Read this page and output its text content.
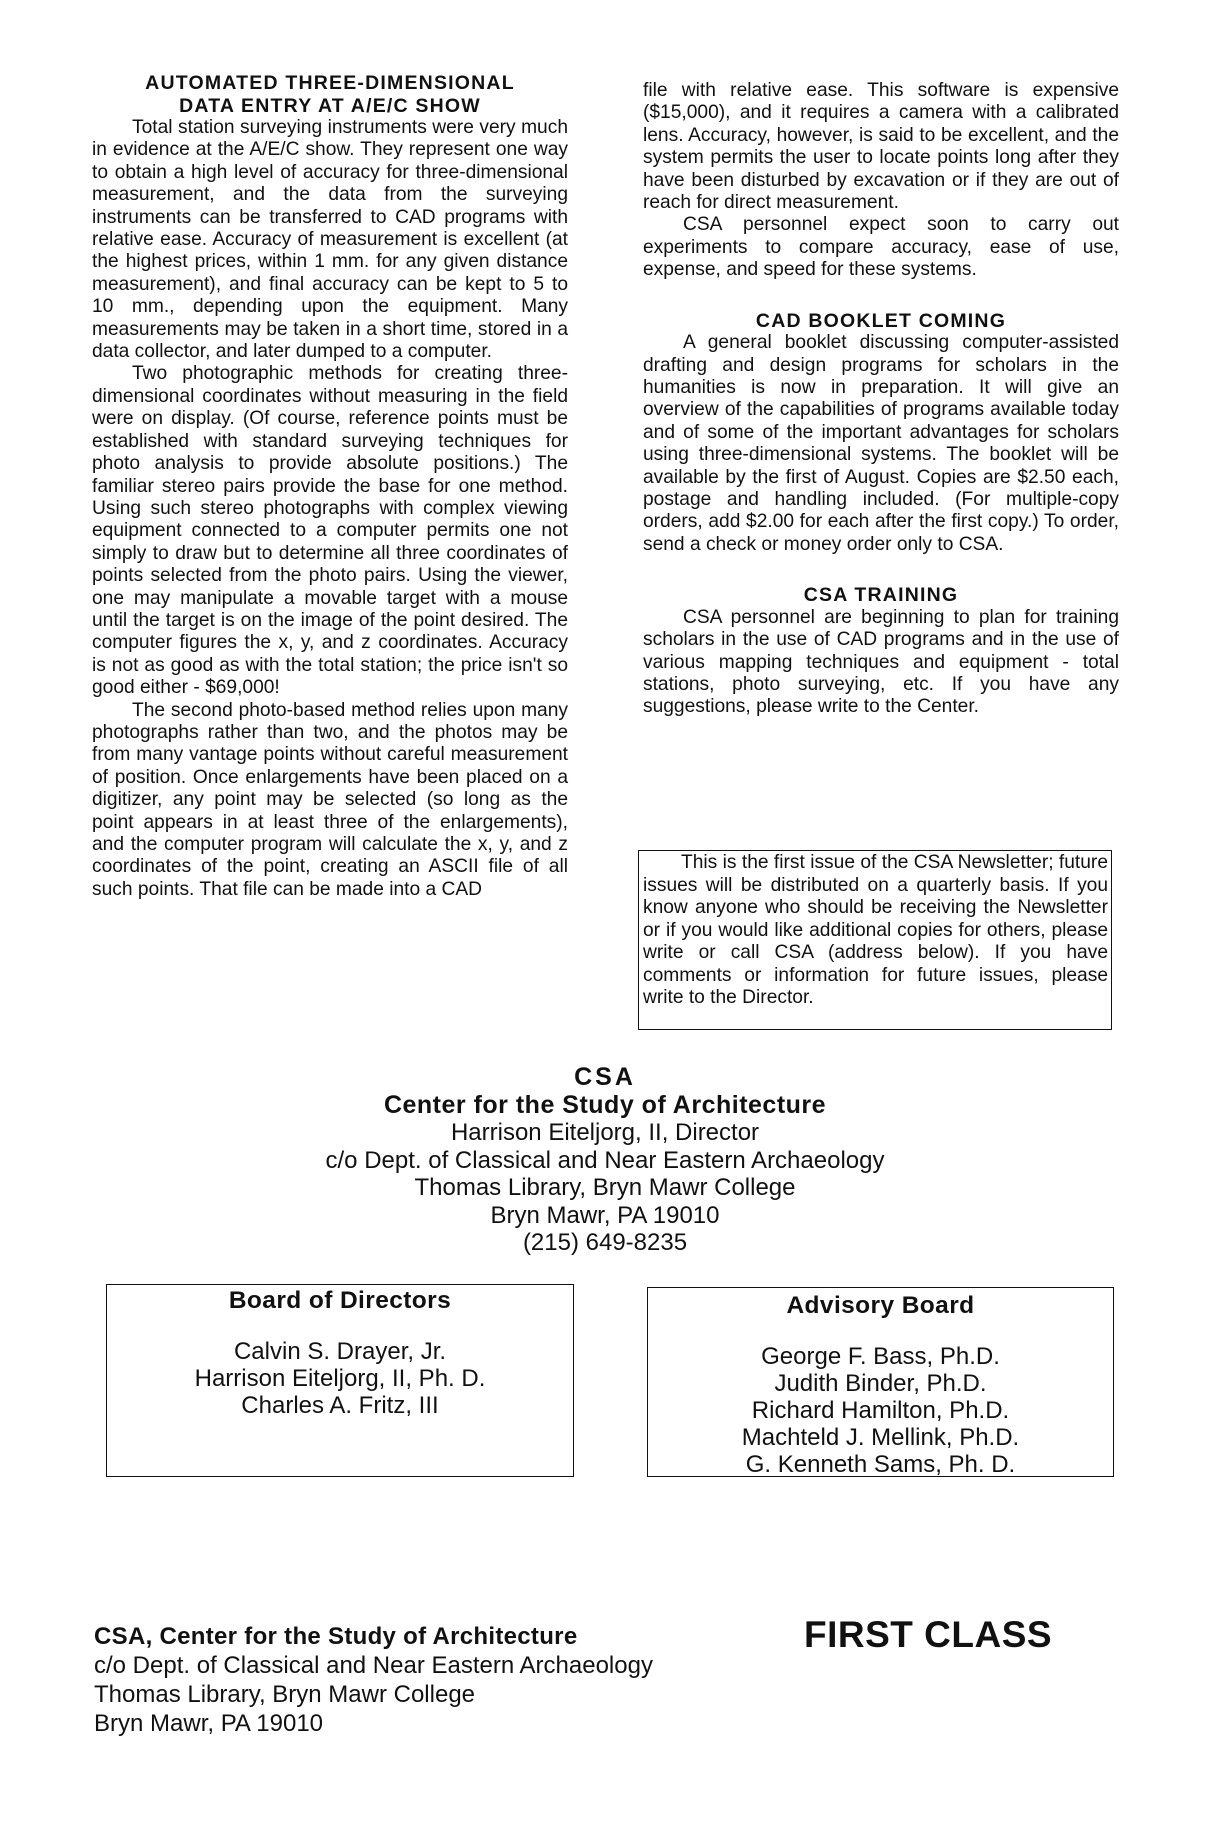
AUTOMATED THREE-DIMENSIONAL
DATA ENTRY AT A/E/C SHOW

Total station surveying instruments were very much in evidence at the A/E/C show. They represent one way to obtain a high level of accuracy for three-dimensional measurement, and the data from the surveying instruments can be transferred to CAD programs with relative ease. Accuracy of measurement is excellent (at the highest prices, within 1 mm. for any given distance measurement), and final accuracy can be kept to 5 to 10 mm., depending upon the equipment. Many measurements may be taken in a short time, stored in a data collector, and later dumped to a computer.

Two photographic methods for creating three-dimensional coordinates without measuring in the field were on display. (Of course, reference points must be established with standard surveying techniques for photo analysis to provide absolute positions.) The familiar stereo pairs provide the base for one method. Using such stereo photographs with complex viewing equipment connected to a computer permits one not simply to draw but to determine all three coordinates of points selected from the photo pairs. Using the viewer, one may manipulate a movable target with a mouse until the target is on the image of the point desired. The computer figures the x, y, and z coordinates. Accuracy is not as good as with the total station; the price isn't so good either - $69,000!

The second photo-based method relies upon many photographs rather than two, and the photos may be from many vantage points without careful measurement of position. Once enlargements have been placed on a digitizer, any point may be selected (so long as the point appears in at least three of the enlargements), and the computer program will calculate the x, y, and z coordinates of the point, creating an ASCII file of all such points. That file can be made into a CAD

file with relative ease. This software is expensive ($15,000), and it requires a camera with a calibrated lens. Accuracy, however, is said to be excellent, and the system permits the user to locate points long after they have been disturbed by excavation or if they are out of reach for direct measurement.

CSA personnel expect soon to carry out experiments to compare accuracy, ease of use, expense, and speed for these systems.

CAD BOOKLET COMING

A general booklet discussing computer-assisted drafting and design programs for scholars in the humanities is now in preparation. It will give an overview of the capabilities of programs available today and of some of the important advantages for scholars using three-dimensional systems. The booklet will be available by the first of August. Copies are $2.50 each, postage and handling included. (For multiple-copy orders, add $2.00 for each after the first copy.) To order, send a check or money order only to CSA.

CSA TRAINING

CSA personnel are beginning to plan for training scholars in the use of CAD programs and in the use of various mapping techniques and equipment - total stations, photo surveying, etc. If you have any suggestions, please write to the Center.

This is the first issue of the CSA Newsletter; future issues will be distributed on a quarterly basis. If you know anyone who should be receiving the Newsletter or if you would like additional copies for others, please write or call CSA (address below). If you have comments or information for future issues, please write to the Director.

CSA
Center for the Study of Architecture
Harrison Eiteljorg, II, Director
c/o Dept. of Classical and Near Eastern Archaeology
Thomas Library, Bryn Mawr College
Bryn Mawr, PA 19010
(215) 649-8235
Board of Directors
Calvin S. Drayer, Jr.
Harrison Eiteljorg, II, Ph. D.
Charles A. Fritz, III
Advisory Board
George F. Bass, Ph.D.
Judith Binder, Ph.D.
Richard Hamilton, Ph.D.
Machteld J. Mellink, Ph.D.
G. Kenneth Sams, Ph. D.
CSA, Center for the Study of Architecture
c/o Dept. of Classical and Near Eastern Archaeology
Thomas Library, Bryn Mawr College
Bryn Mawr, PA 19010
FIRST CLASS
